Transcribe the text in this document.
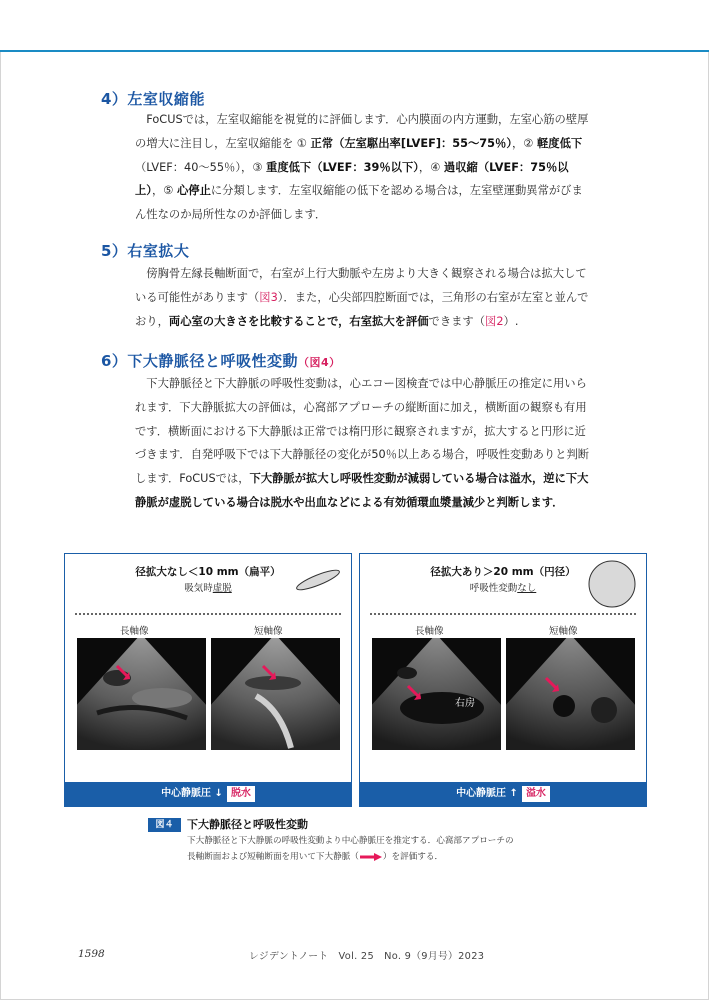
4）左室収縮能
FoCUSでは，左室収縮能を視覚的に評価します．心内膜面の内方運動，左室心筋の壁厚
の増大に注目し，左室収縮能を ① 正常（左室駆出率[LVEF]：55～75％），② 軽度低下
（LVEF：40～55％），③ 重度低下（LVEF：39％以下），④ 過収縮（LVEF：75％以
上），⑤ 心停止に分類します．左室収縮能の低下を認める場合は，左室壁運動異常がびま
ん性なのか局所性なのか評価します．
5）右室拡大
傍胸骨左縁長軸断面で，右室が上行大動脈や左房より大きく観察される場合は拡大して
いる可能性があります（図3）．また，心尖部四腔断面では，三角形の右室が左室と並んで
おり，両心室の大きさを比較することで，右室拡大を評価できます（図2）.
6）下大静脈径と呼吸性変動（図4）
下大静脈径と下大静脈の呼吸性変動は，心エコー図検査では中心静脈圧の推定に用いら
れます．下大静脈拡大の評価は，心窩部アプローチの縦断面に加え，横断面の観察も有用
です．横断面における下大静脈は正常では楕円形に観察されますが，拡大すると円形に近
づきます．自発呼吸下では下大静脈径の変化が50％以上ある場合，呼吸性変動ありと判断
します．FoCUSでは，下大静脈が拡大し呼吸性変動が減弱している場合は溢水，逆に下大
静脈が虚脱している場合は脱水や出血などによる有効循環血漿量減少と判断します．
径拡大なし＜10 mm（扁平）
吸気時虚脱
長軸像	短軸像
中心静脈圧 ↓ 脱水
径拡大あり＞20 mm（円径）
呼吸性変動なし
長軸像	短軸像
右房
中心静脈圧 ↑ 溢水
図４	下大静脈径と呼吸性変動
下大静脈径と下大静脈の呼吸性変動より中心静脈圧を推定する．心窩部アプローチの
長軸断面および短軸断面を用いて下大静脈（	）を評価する．
1598	レジデントノート　Vol. 25　No. 9（9月号）2023
